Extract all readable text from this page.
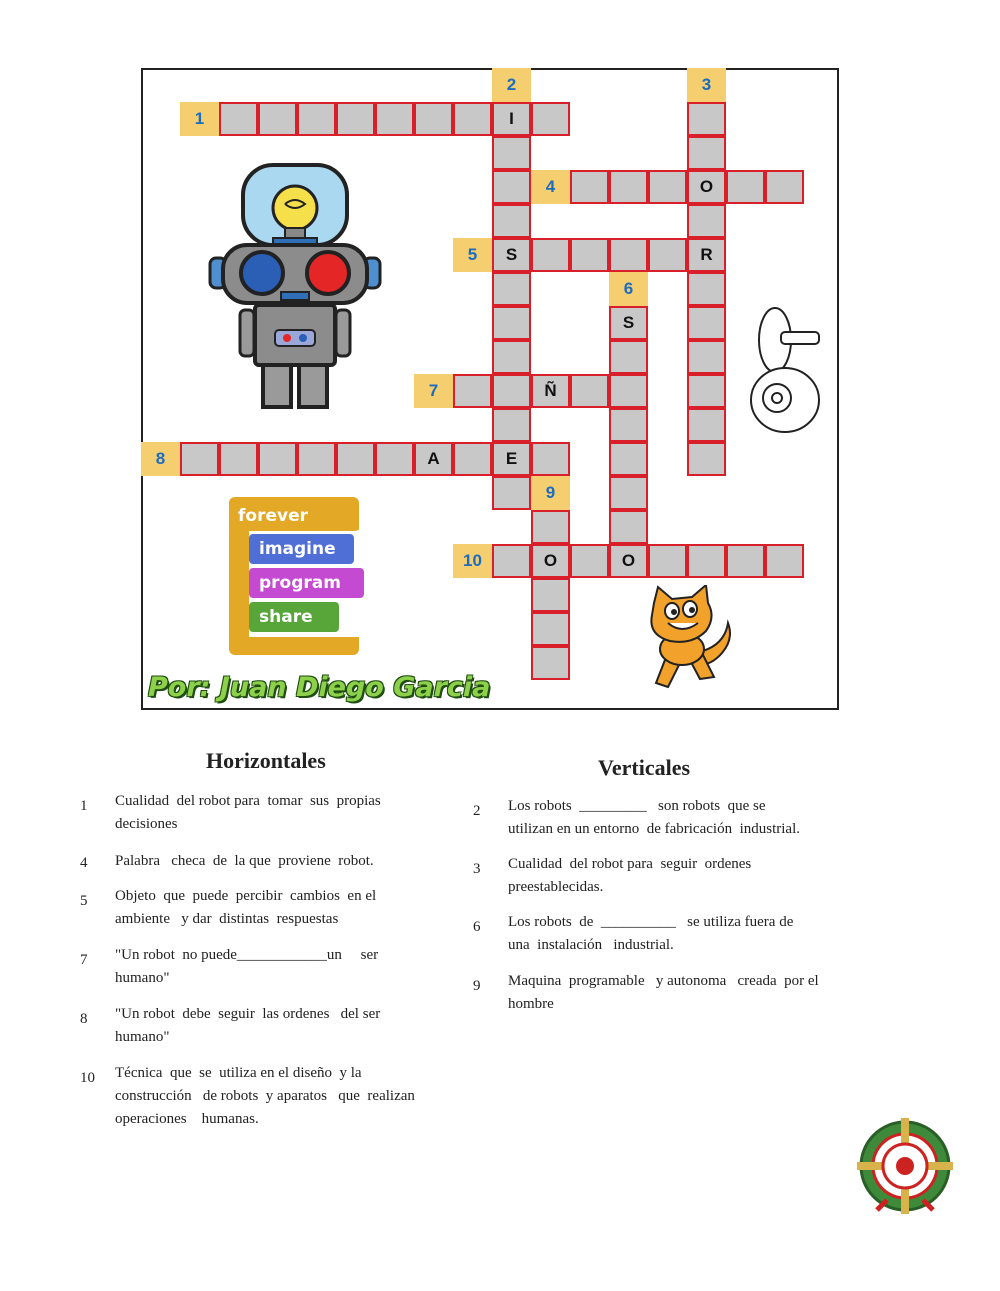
1
2	3
4
5
6
7
8
9
10
I
S
E
O
R
S
O
Ñ
A
O
forever
imagine
program
share
Por: Juan Diego Garcia
Horizontales	Verticales
1	Cualidad  del robot para  tomar  sus  propias
decisiones
4	Palabra   checa  de  la que  proviene  robot.
5	Objeto  que  puede  percibir  cambios  en el
ambiente   y dar  distintas  respuestas
7	"Un robot  no puede____________un     ser
humano"
8	"Un robot  debe  seguir  las ordenes   del ser
humano"
10	Técnica  que  se  utiliza en el diseño  y la
construcción   de robots  y aparatos   que  realizan
operaciones    humanas.
2	Los robots  _________   son robots  que se
utilizan en un entorno  de fabricación  industrial.
3	Cualidad  del robot para  seguir  ordenes
preestablecidas.
6	Los robots  de  __________   se utiliza fuera de
una  instalación   industrial.
9	Maquina  programable   y autonoma   creada  por el
hombre
